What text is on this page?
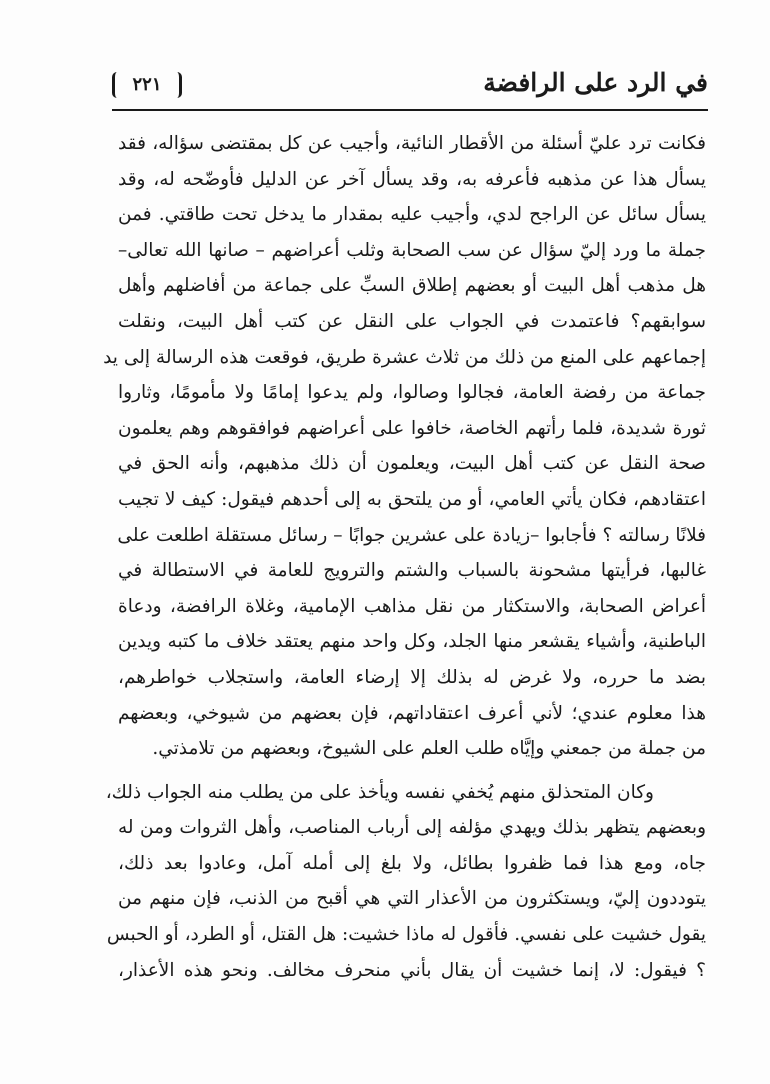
في الرد على الرافضة
٢٢١
فكانت ترد عليّ أسئلة من الأقطار النائية، وأجيب عن كل بمقتضى سؤاله، فقد
يسأل هذا عن مذهبه فأعرفه به، وقد يسأل آخر عن الدليل فأوضّحه له، وقد
يسأل سائل عن الراجح لدي، وأجيب عليه بمقدار ما يدخل تحت طاقتي. فمن
جملة ما ورد إليّ سؤال عن سب الصحابة وثلب أعراضهم – صانها الله تعالى–
هل مذهب أهل البيت أو بعضهم إطلاق السبِّ على جماعة من أفاضلهم وأهل
سوابقهم؟ فاعتمدت في الجواب على النقل عن كتب أهل البيت، ونقلت
إجماعهم على المنع من ذلك من ثلاث عشرة طريق، فوقعت هذه الرسالة إلى يد
جماعة من رفضة العامة، فجالوا وصالوا، ولم يدعوا إمامًا ولا مأمومًا، وثاروا
ثورة شديدة، فلما رأتهم الخاصة، خافوا على أعراضهم فوافقوهم وهم يعلمون
صحة النقل عن كتب أهل البيت، ويعلمون أن ذلك مذهبهم، وأنه الحق في
اعتقادهم، فكان يأتي العامي، أو من يلتحق به إلى أحدهم فيقول: كيف لا تجيب
فلانًا رسالته ؟ فأجابوا –زيادة على عشرين جوابًا – رسائل مستقلة اطلعت على
غالبها، فرأيتها مشحونة بالسباب والشتم والترويج للعامة في الاستطالة في
أعراض الصحابة، والاستكثار من نقل مذاهب الإمامية، وغلاة الرافضة، ودعاة
الباطنية، وأشياء يقشعر منها الجلد، وكل واحد منهم يعتقد خلاف ما كتبه ويدين
بضد ما حرره، ولا غرض له بذلك إلا إرضاء العامة، واستجلاب خواطرهم،
هذا معلوم عندي؛ لأني أعرف اعتقاداتهم، فإن بعضهم من شيوخي، وبعضهم
من جملة من جمعني وإيَّاه طلب العلم على الشيوخ، وبعضهم من تلامذتي.
وكان المتحذلق منهم يُخفي نفسه ويأخذ على من يطلب منه الجواب ذلك،
وبعضهم يتظهر بذلك ويهدي مؤلفه إلى أرباب المناصب، وأهل الثروات ومن له
جاه، ومع هذا فما ظفروا بطائل، ولا بلغ إلى أمله آمل، وعادوا بعد ذلك،
يتوددون إليّ، ويستكثرون من الأعذار التي هي أقبح من الذنب، فإن منهم من
يقول خشيت على نفسي. فأقول له ماذا خشيت: هل القتل، أو الطرد، أو الحبس
؟ فيقول: لا، إنما خشيت أن يقال بأني منحرف مخالف. ونحو هذه الأعذار،
